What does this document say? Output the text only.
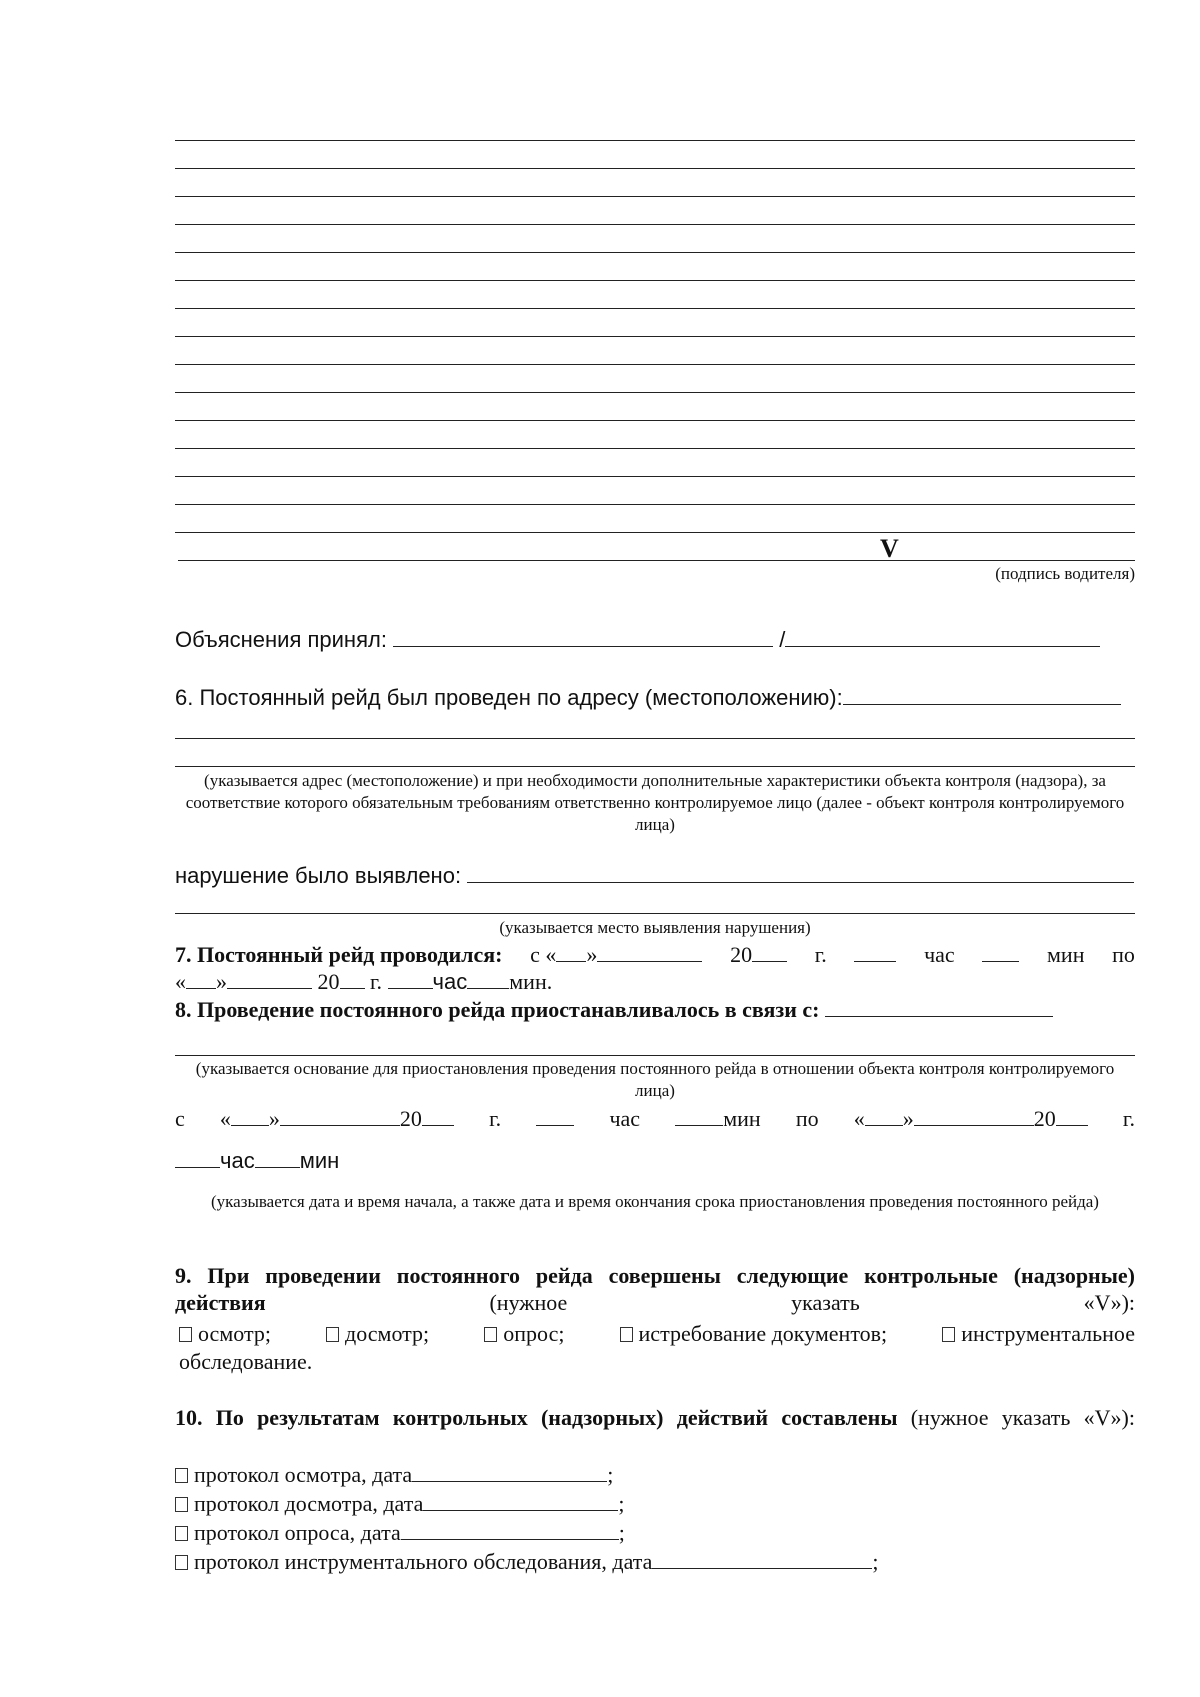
V
(подпись водителя)
Объяснения принял:	/
6. Постоянный рейд был проведен по адресу (местоположению):
(указывается адрес (местоположение) и при необходимости дополнительные характеристики объекта контроля (надзора), за соответствие которого обязательным требованиям ответственно контролируемое лицо (далее - объект контроля контролируемого лица)
нарушение было выявлено:
(указывается место выявления нарушения)
7. Постоянный рейд проводился: с « »	20	г.	час	мин по
« »	20 г. час мин.
8. Проведение постоянного рейда приостанавливалось в связи с:
(указывается основание для приостановления проведения постоянного рейда в отношении объекта контроля контролируемого лица)
с « »	20	г.	час	мин по « »	20	г.
час мин
(указывается дата и время начала, а также дата и время окончания срока приостановления проведения постоянного рейда)
9. При проведении постоянного рейда совершены следующие контрольные (надзорные) действия	(нужное указать «V»):
осмотр;	досмотр;	опрос;	истребование документов;	инструментальное
обследование.
10. По результатам контрольных (надзорных) действий составлены (нужное указать «V»):
протокол осмотра, дата	;
протокол досмотра, дата	;
протокол опроса, дата	;
протокол инструментального обследования, дата	;
